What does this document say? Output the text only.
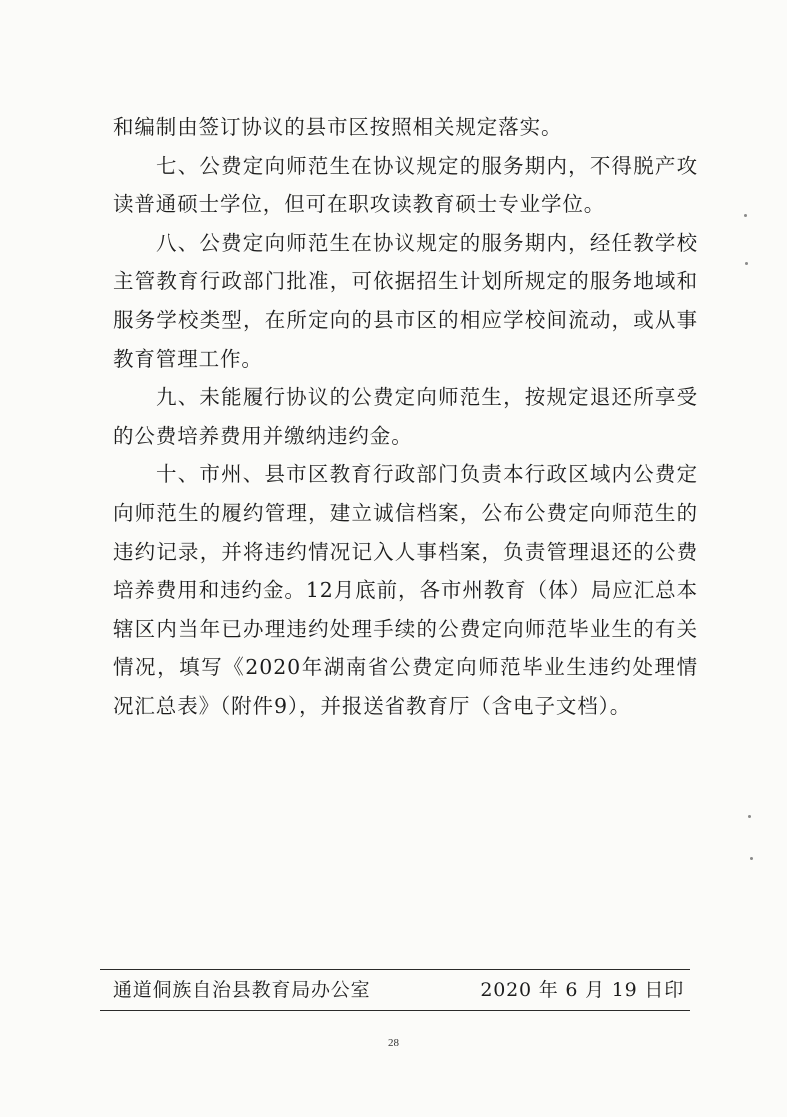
和编制由签订协议的县市区按照相关规定落实。

七、公费定向师范生在协议规定的服务期内，不得脱产攻读普通硕士学位，但可在职攻读教育硕士专业学位。

八、公费定向师范生在协议规定的服务期内，经任教学校主管教育行政部门批准，可依据招生计划所规定的服务地域和服务学校类型，在所定向的县市区的相应学校间流动，或从事教育管理工作。

九、未能履行协议的公费定向师范生，按规定退还所享受的公费培养费用并缴纳违约金。

十、市州、县市区教育行政部门负责本行政区域内公费定向师范生的履约管理，建立诚信档案，公布公费定向师范生的违约记录，并将违约情况记入人事档案，负责管理退还的公费培养费用和违约金。12月底前，各市州教育（体）局应汇总本辖区内当年已办理违约处理手续的公费定向师范毕业生的有关情况，填写《2020年湖南省公费定向师范毕业生违约处理情况汇总表》（附件9），并报送省教育厅（含电子文档）。

通道侗族自治县教育局办公室	2020 年 6 月 19 日印
28
